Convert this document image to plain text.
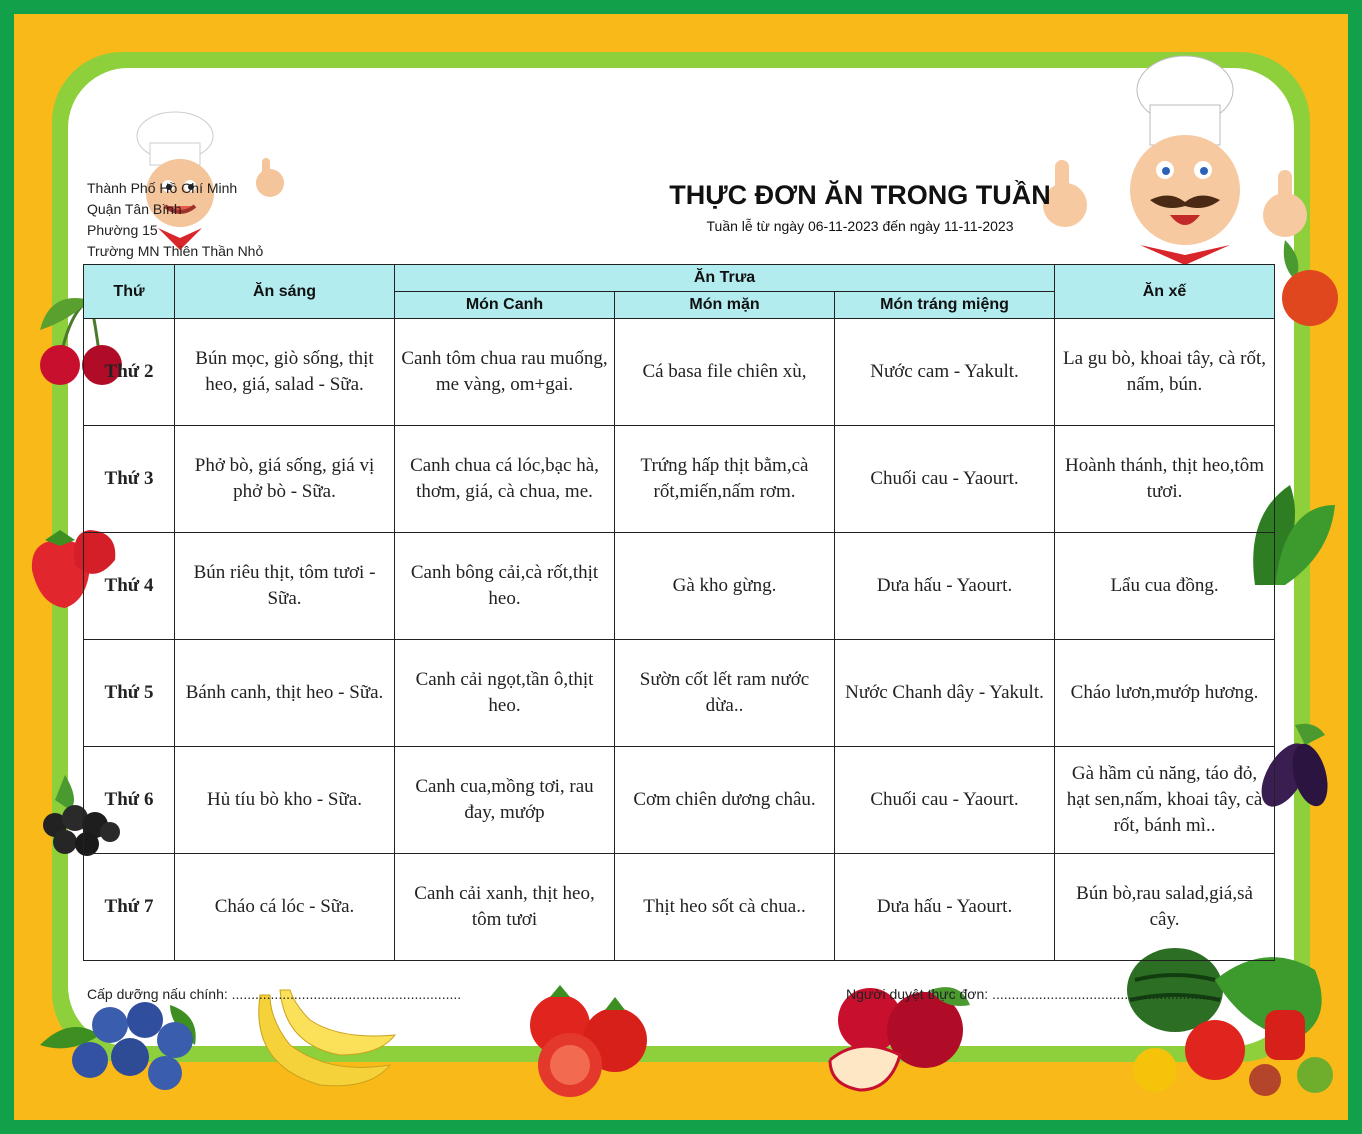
Thành Phố Hồ Chí Minh
Quận Tân Bình
Phường 15
Trường MN Thiên Thần Nhỏ
THỰC ĐƠN ĂN TRONG TUẦN
Tuần lễ từ ngày 06-11-2023 đến ngày 11-11-2023
Thứ	Ăn sáng	Ăn Trưa			Ăn xế
		Món Canh	Món mặn	Món tráng miệng	
Thứ 2	Bún mọc, giò sống, thịt heo, giá, salad - Sữa.	Canh tôm chua rau muống, me vàng, om+gai.	Cá basa file chiên xù,	Nước cam - Yakult.	La gu bò, khoai tây, cà rốt, nấm, bún.
Thứ 3	Phở bò, giá sống, giá vị phở bò - Sữa.	Canh chua cá lóc,bạc hà, thơm, giá, cà chua, me.	Trứng hấp thịt bằm,cà rốt,miến,nấm rơm.	Chuối cau - Yaourt.	Hoành thánh, thịt heo,tôm tươi.
Thứ 4	Bún riêu thịt, tôm tươi - Sữa.	Canh bông cải,cà rốt,thịt heo.	Gà kho gừng.	Dưa hấu - Yaourt.	Lẩu cua đồng.
Thứ 5	Bánh canh, thịt heo - Sữa.	Canh cải ngọt,tần ô,thịt heo.	Sườn cốt lết ram nước dừa..	Nước Chanh dây - Yakult.	Cháo lươn,mướp hương.
Thứ 6	Hủ tíu bò kho - Sữa.	Canh cua,mồng tơi, rau đay, mướp	Cơm chiên dương châu.	Chuối cau - Yaourt.	Gà hầm củ năng, táo đỏ, hạt sen,nấm, khoai tây, cà rốt, bánh mì..
Thứ 7	Cháo cá lóc - Sữa.	Canh cải xanh, thịt heo, tôm tươi	Thịt heo sốt cà chua..	Dưa hấu - Yaourt.	Bún bò,rau salad,giá,sả cây.
Cấp dưỡng nấu chính: ...........................................................	Người duyệt thực đơn: ...........................................................
